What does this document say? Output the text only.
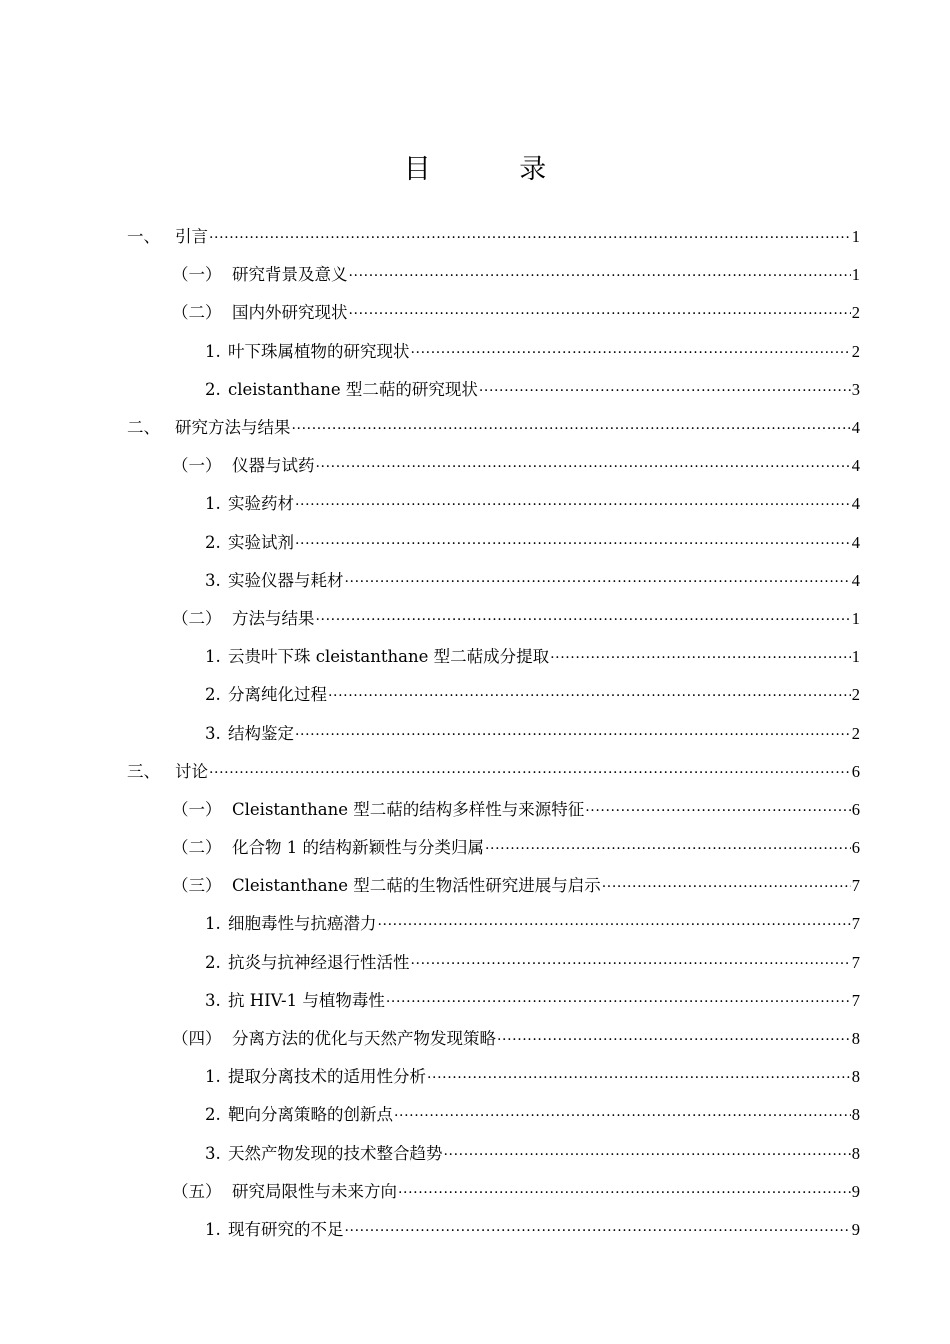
目 录
一、 引言 .....	1
（一） 研究背景及意义 .....	1
（二） 国内外研究现状 .....	2
1. 叶下珠属植物的研究现状 .....	2
2. cleistanthane 型二萜的研究现状 .....	3
二、 研究方法与结果 .....	4
（一） 仪器与试药 .....	4
1. 实验药材 .....	4
2. 实验试剂 .....	4
3. 实验仪器与耗材 .....	4
（二） 方法与结果 .....	1
1. 云贵叶下珠 cleistanthane 型二萜成分提取 .....	1
2. 分离纯化过程 .....	2
3. 结构鉴定 .....	2
三、 讨论 .....	6
（一） Cleistanthane 型二萜的结构多样性与来源特征 .....	6
（二） 化合物 1 的结构新颖性与分类归属 .....	6
（三） Cleistanthane 型二萜的生物活性研究进展与启示 .....	7
1. 细胞毒性与抗癌潜力 .....	7
2. 抗炎与抗神经退行性活性 .....	7
3. 抗 HIV-1 与植物毒性 .....	7
（四） 分离方法的优化与天然产物发现策略 .....	8
1. 提取分离技术的适用性分析 .....	8
2. 靶向分离策略的创新点 .....	8
3. 天然产物发现的技术整合趋势 .....	8
（五） 研究局限性与未来方向 .....	9
1. 现有研究的不足 .....	9
